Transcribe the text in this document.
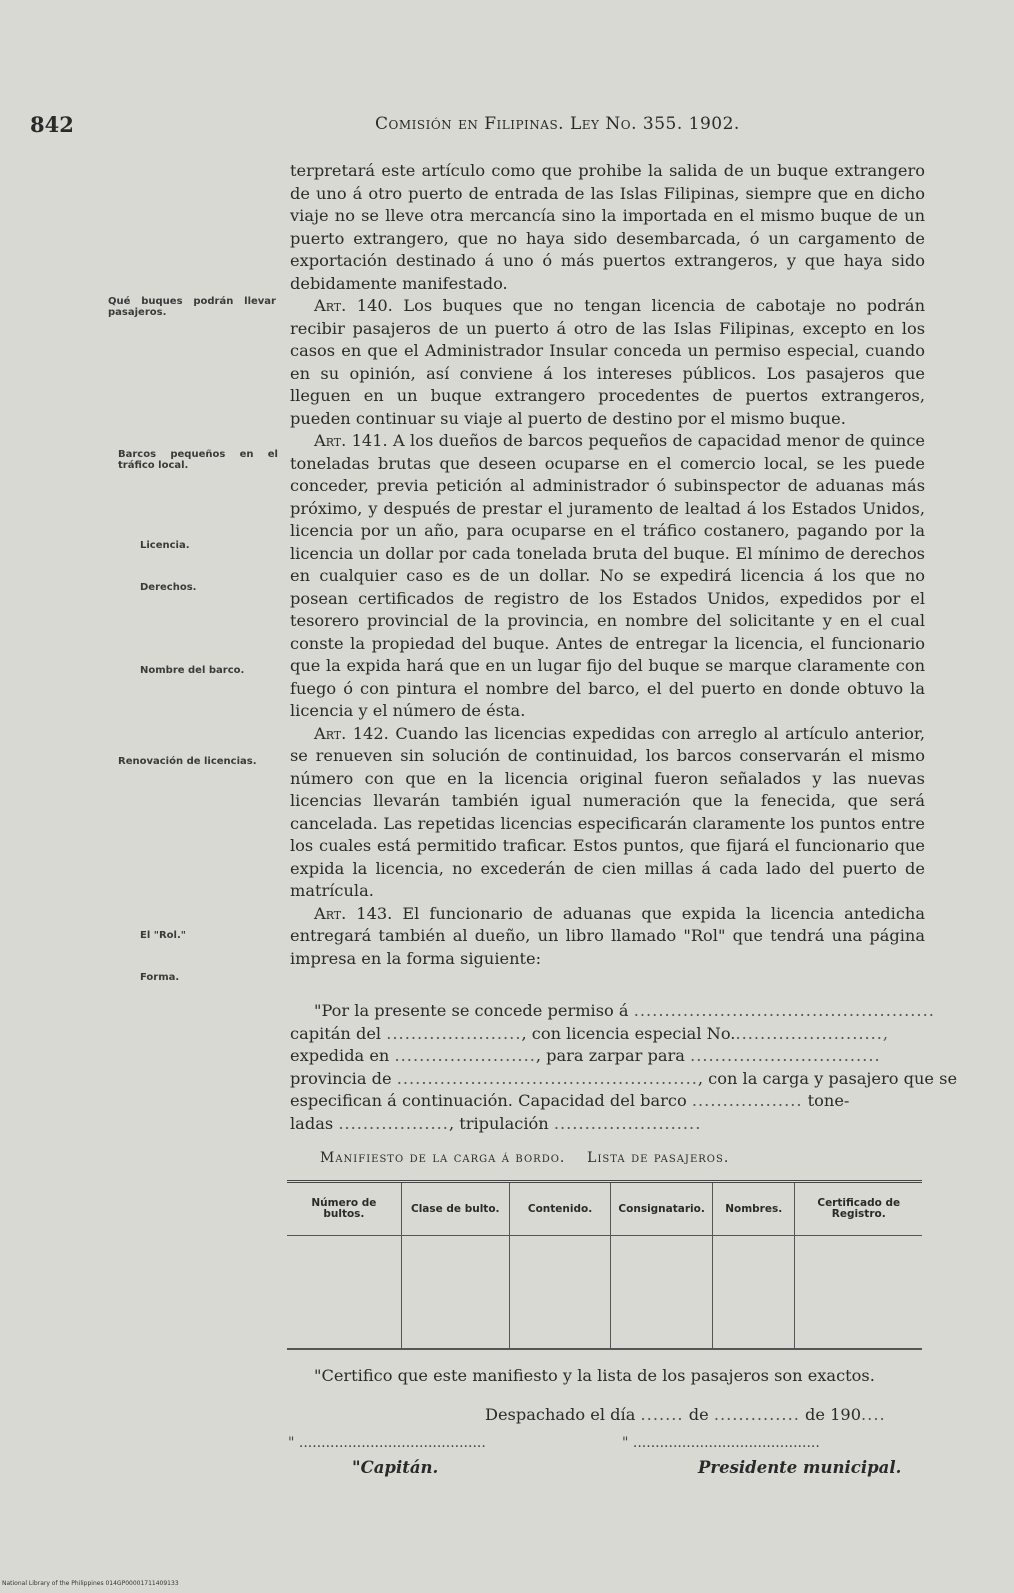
842	Comisión en Filipinas. Ley No. 355. 1902.
Qué buques podrán llevar pasajeros.
Barcos pequeños en el tráfico local.
Licencia.
Derechos.
Nombre del barco.
Renovación de licencias.
El "Rol."
Forma.

terpretará este artículo como que prohibe la salida de un buque extrangero de uno á otro puerto de entrada de las Islas Filipinas, siempre que en dicho viaje no se lleve otra mercancía sino la importada en el mismo buque de un puerto extrangero, que no haya sido desembarcada, ó un cargamento de exportación destinado á uno ó más puertos extrangeros, y que haya sido debidamente manifestado.

Art. 140. Los buques que no tengan licencia de cabotaje no podrán recibir pasajeros de un puerto á otro de las Islas Filipinas, excepto en los casos en que el Administrador Insular conceda un permiso especial, cuando en su opinión, así conviene á los intereses públicos. Los pasajeros que lleguen en un buque extrangero procedentes de puertos extrangeros, pueden continuar su viaje al puerto de destino por el mismo buque.

Art. 141. A los dueños de barcos pequeños de capacidad menor de quince toneladas brutas que deseen ocuparse en el comercio local, se les puede conceder, previa petición al administrador ó subinspector de aduanas más próximo, y después de prestar el juramento de lealtad á los Estados Unidos, licencia por un año, para ocuparse en el tráfico costanero, pagando por la licencia un dollar por cada tonelada bruta del buque. El mínimo de derechos en cualquier caso es de un dollar. No se expedirá licencia á los que no posean certificados de registro de los Estados Unidos, expedidos por el tesorero provincial de la provincia, en nombre del solicitante y en el cual conste la propiedad del buque. Antes de entregar la licencia, el funcionario que la expida hará que en un lugar fijo del buque se marque claramente con fuego ó con pintura el nombre del barco, el del puerto en donde obtuvo la licencia y el número de ésta.

Art. 142. Cuando las licencias expedidas con arreglo al artículo anterior, se renueven sin solución de continuidad, los barcos conservarán el mismo número con que en la licencia original fueron señalados y las nuevas licencias llevarán también igual numeración que la fenecida, que será cancelada. Las repetidas licencias especificarán claramente los puntos entre los cuales está permitido traficar. Estos puntos, que fijará el funcionario que expida la licencia, no excederán de cien millas á cada lado del puerto de matrícula.

Art. 143. El funcionario de aduanas que expida la licencia antedicha entregará también al dueño, un libro llamado "Rol" que tendrá una página impresa en la forma siguiente:

"Por la presente se concede permiso á .................................................
capitán del ......................, con licencia especial No.........................,
expedida en ......................., para zarpar para ...............................
provincia de ................................................., con la carga y pasajero que se
especifican á continuación. Capacidad del barco .................. tone-
ladas .................., tripulación ........................
Manifiesto de la carga á bordo. Lista de pasajeros.
Número de bultos.	Clase de bulto.	Contenido.	Consignatario.	Nombres.	Certificado de Registro.

"Certifico que este manifiesto y la lista de los pasajeros son exactos.
Despachado el día ....... de .............. de 190....
" ..........................................	" ..........................................
"Capitán.	Presidente municipal.
National Library of the Philippines 014GP00001711409133
